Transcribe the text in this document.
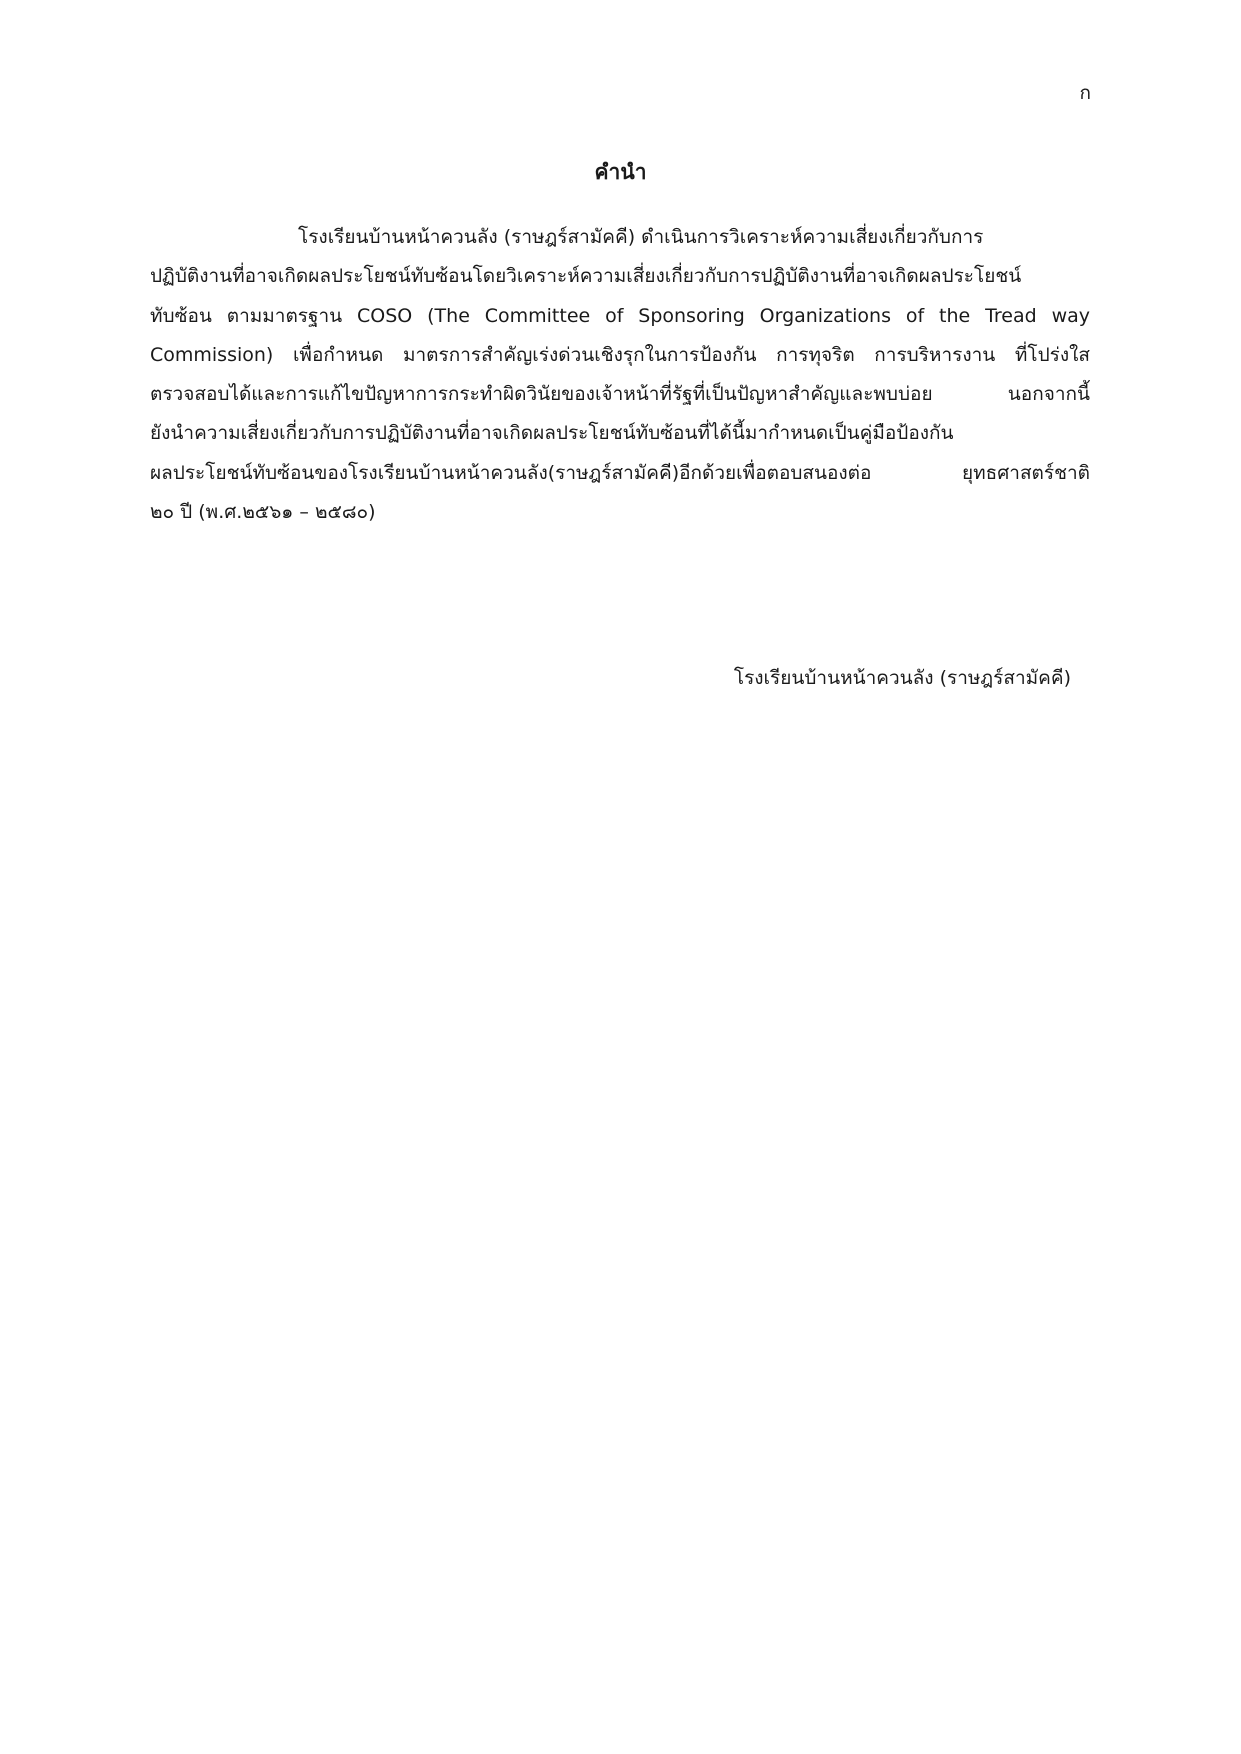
ก
คำนำ
โรงเรียนบ้านหน้าควนลัง (ราษฎร์สามัคคี) ดำเนินการวิเคราะห์ความเสี่ยงเกี่ยวกับการ
ปฏิบัติงานที่อาจเกิดผลประโยชน์ทับซ้อนโดยวิเคราะห์ความเสี่ยงเกี่ยวกับการปฏิบัติงานที่อาจเกิดผลประโยชน์
ทับซ้อน ตามมาตรฐาน COSO (The Committee of Sponsoring Organizations of the Tread way
Commission) เพื่อกำหนด มาตรการสำคัญเร่งด่วนเชิงรุกในการป้องกัน การทุจริต การบริหารงาน ที่โปร่งใส
ตรวจสอบได้และการแก้ไขปัญหาการกระทำผิดวินัยของเจ้าหน้าที่รัฐที่เป็นปัญหาสำคัญและพบบ่อย นอกจากนี้
ยังนำความเสี่ยงเกี่ยวกับการปฏิบัติงานที่อาจเกิดผลประโยชน์ทับซ้อนที่ได้นี้มากำหนดเป็นคู่มือป้องกัน
ผลประโยชน์ทับซ้อนของโรงเรียนบ้านหน้าควนลัง(ราษฎร์สามัคคี)อีกด้วยเพื่อตอบสนองต่อ ยุทธศาสตร์ชาติ
๒๐ ปี (พ.ศ.๒๕๖๑ – ๒๕๘๐)
โรงเรียนบ้านหน้าควนลัง (ราษฎร์สามัคคี)
